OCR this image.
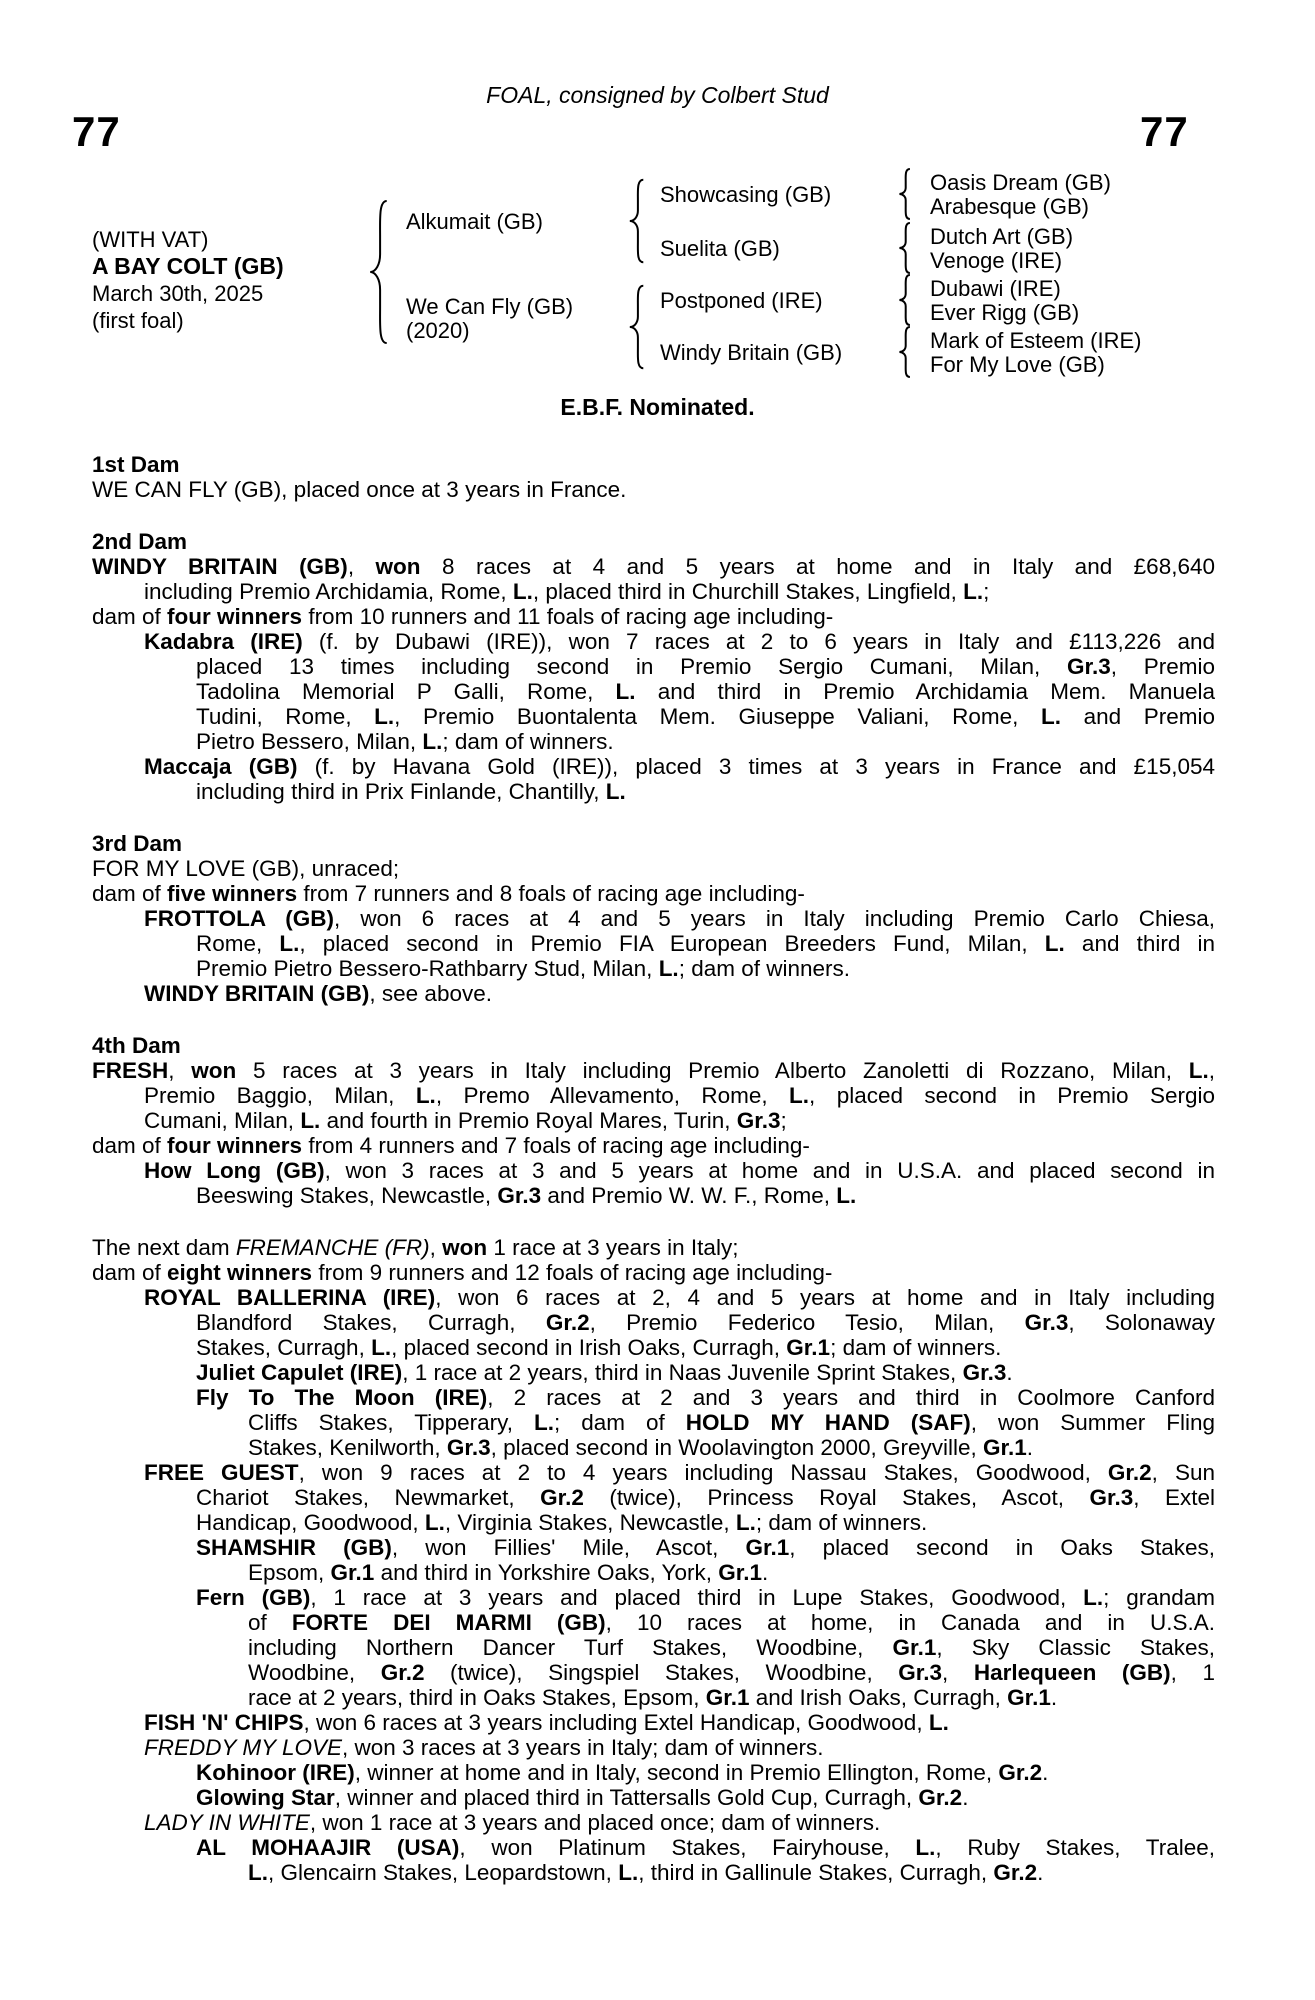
FOAL, consigned by Colbert Stud
77	77
(WITH VAT)
A BAY COLT (GB)
March 30th, 2025
(first foal)
Alkumait (GB)
We Can Fly (GB)
(2020)
Showcasing (GB)
Suelita (GB)
Postponed (IRE)
Windy Britain (GB)
Oasis Dream (GB)
Arabesque (GB)
Dutch Art (GB)
Venoge (IRE)
Dubawi (IRE)
Ever Rigg (GB)
Mark of Esteem (IRE)
For My Love (GB)
E.B.F. Nominated.
1st Dam
WE CAN FLY (GB), placed once at 3 years in France.
2nd Dam
WINDY BRITAIN (GB), won 8 races at 4 and 5 years at home and in Italy and £68,640
including Premio Archidamia, Rome, L., placed third in Churchill Stakes, Lingfield, L.;
dam of four winners from 10 runners and 11 foals of racing age including-
Kadabra (IRE) (f. by Dubawi (IRE)), won 7 races at 2 to 6 years in Italy and £113,226 and
placed 13 times including second in Premio Sergio Cumani, Milan, Gr.3, Premio
Tadolina Memorial P Galli, Rome, L. and third in Premio Archidamia Mem. Manuela
Tudini, Rome, L., Premio Buontalenta Mem. Giuseppe Valiani, Rome, L. and Premio
Pietro Bessero, Milan, L.; dam of winners.
Maccaja (GB) (f. by Havana Gold (IRE)), placed 3 times at 3 years in France and £15,054
including third in Prix Finlande, Chantilly, L.
3rd Dam
FOR MY LOVE (GB), unraced;
dam of five winners from 7 runners and 8 foals of racing age including-
FROTTOLA (GB), won 6 races at 4 and 5 years in Italy including Premio Carlo Chiesa,
Rome, L., placed second in Premio FIA European Breeders Fund, Milan, L. and third in
Premio Pietro Bessero-Rathbarry Stud, Milan, L.; dam of winners.
WINDY BRITAIN (GB), see above.
4th Dam
FRESH, won 5 races at 3 years in Italy including Premio Alberto Zanoletti di Rozzano, Milan, L.,
Premio Baggio, Milan, L., Premo Allevamento, Rome, L., placed second in Premio Sergio
Cumani, Milan, L. and fourth in Premio Royal Mares, Turin, Gr.3;
dam of four winners from 4 runners and 7 foals of racing age including-
How Long (GB), won 3 races at 3 and 5 years at home and in U.S.A. and placed second in
Beeswing Stakes, Newcastle, Gr.3 and Premio W. W. F., Rome, L.
The next dam FREMANCHE (FR), won 1 race at 3 years in Italy;
dam of eight winners from 9 runners and 12 foals of racing age including-
ROYAL BALLERINA (IRE), won 6 races at 2, 4 and 5 years at home and in Italy including
Blandford Stakes, Curragh, Gr.2, Premio Federico Tesio, Milan, Gr.3, Solonaway
Stakes, Curragh, L., placed second in Irish Oaks, Curragh, Gr.1; dam of winners.
Juliet Capulet (IRE), 1 race at 2 years, third in Naas Juvenile Sprint Stakes, Gr.3.
Fly To The Moon (IRE), 2 races at 2 and 3 years and third in Coolmore Canford
Cliffs Stakes, Tipperary, L.; dam of HOLD MY HAND (SAF), won Summer Fling
Stakes, Kenilworth, Gr.3, placed second in Woolavington 2000, Greyville, Gr.1.
FREE GUEST, won 9 races at 2 to 4 years including Nassau Stakes, Goodwood, Gr.2, Sun
Chariot Stakes, Newmarket, Gr.2 (twice), Princess Royal Stakes, Ascot, Gr.3, Extel
Handicap, Goodwood, L., Virginia Stakes, Newcastle, L.; dam of winners.
SHAMSHIR (GB), won Fillies' Mile, Ascot, Gr.1, placed second in Oaks Stakes,
Epsom, Gr.1 and third in Yorkshire Oaks, York, Gr.1.
Fern (GB), 1 race at 3 years and placed third in Lupe Stakes, Goodwood, L.; grandam
of FORTE DEI MARMI (GB), 10 races at home, in Canada and in U.S.A.
including Northern Dancer Turf Stakes, Woodbine, Gr.1, Sky Classic Stakes,
Woodbine, Gr.2 (twice), Singspiel Stakes, Woodbine, Gr.3, Harlequeen (GB), 1
race at 2 years, third in Oaks Stakes, Epsom, Gr.1 and Irish Oaks, Curragh, Gr.1.
FISH 'N' CHIPS, won 6 races at 3 years including Extel Handicap, Goodwood, L.
FREDDY MY LOVE, won 3 races at 3 years in Italy; dam of winners.
Kohinoor (IRE), winner at home and in Italy, second in Premio Ellington, Rome, Gr.2.
Glowing Star, winner and placed third in Tattersalls Gold Cup, Curragh, Gr.2.
LADY IN WHITE, won 1 race at 3 years and placed once; dam of winners.
AL MOHAAJIR (USA), won Platinum Stakes, Fairyhouse, L., Ruby Stakes, Tralee,
L., Glencairn Stakes, Leopardstown, L., third in Gallinule Stakes, Curragh, Gr.2.
